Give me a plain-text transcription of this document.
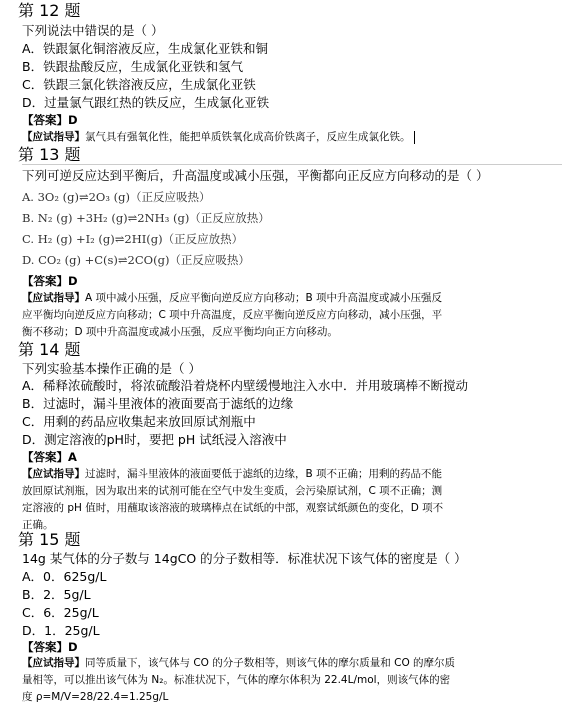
第 12 题
下列说法中错误的是（ ）
A．铁跟氯化铜溶液反应，生成氯化亚铁和铜
B．铁跟盐酸反应，生成氯化亚铁和氢气
C．铁跟三氯化铁溶液反应，生成氯化亚铁
D．过量氯气跟红热的铁反应，生成氯化亚铁
【答案】D
【应试指导】氯气具有强氧化性，能把单质铁氧化成高价铁离子，反应生成氯化铁。
第 13 题
下列可逆反应达到平衡后，升高温度或减小压强，平衡都向正反应方向移动的是（ ）
A. 3O₂ (g)⇌2O₃ (g)（正反应吸热）
B. N₂ (g) +3H₂ (g)⇌2NH₃ (g)（正反应放热）
C. H₂ (g) +I₂ (g)⇌2HI(g)（正反应放热）
D. CO₂ (g) +C(s)⇌2CO(g)（正反应吸热）
【答案】D
【应试指导】A 项中减小压强，反应平衡向逆反应方向移动；B 项中升高温度或减小压强反
应平衡均向逆反应方向移动；C 项中升高温度，反应平衡向逆反应方向移动，减小压强，平
衡不移动；D 项中升高温度或减小压强，反应平衡均向正方向移动。
第 14 题
下列实验基本操作正确的是（ ）
A．稀释浓硫酸时，将浓硫酸沿着烧杯内壁缓慢地注入水中．并用玻璃棒不断搅动
B．过滤时，漏斗里液体的液面要高于滤纸的边缘
C．用剩的药品应收集起来放回原试剂瓶中
D．测定溶液的pH时，要把 pH 试纸浸入溶液中
【答案】A
【应试指导】过滤时，漏斗里液体的液面要低于滤纸的边缘，B 项不正确；用剩的药品不能
放回原试剂瓶，因为取出来的试剂可能在空气中发生变质，会污染原试剂，C 项不正确；测
定溶液的 pH 值时，用蘸取该溶液的玻璃棒点在试纸的中部，观察试纸颜色的变化，D 项不
正确。
第 15 题
14g 某气体的分子数与 14gCO 的分子数相等．标准状况下该气体的密度是（ ）
A．0．625g/L
B．2．5g/L
C．6．25g/L
D．1．25g/L
【答案】D
【应试指导】同等质量下，该气体与 CO 的分子数相等，则该气体的摩尔质量和 CO 的摩尔质
量相等，可以推出该气体为 N₂。标准状况下，气体的摩尔体积为 22.4L/mol，则该气体的密
度 ρ=M/V=28/22.4=1.25g/L
